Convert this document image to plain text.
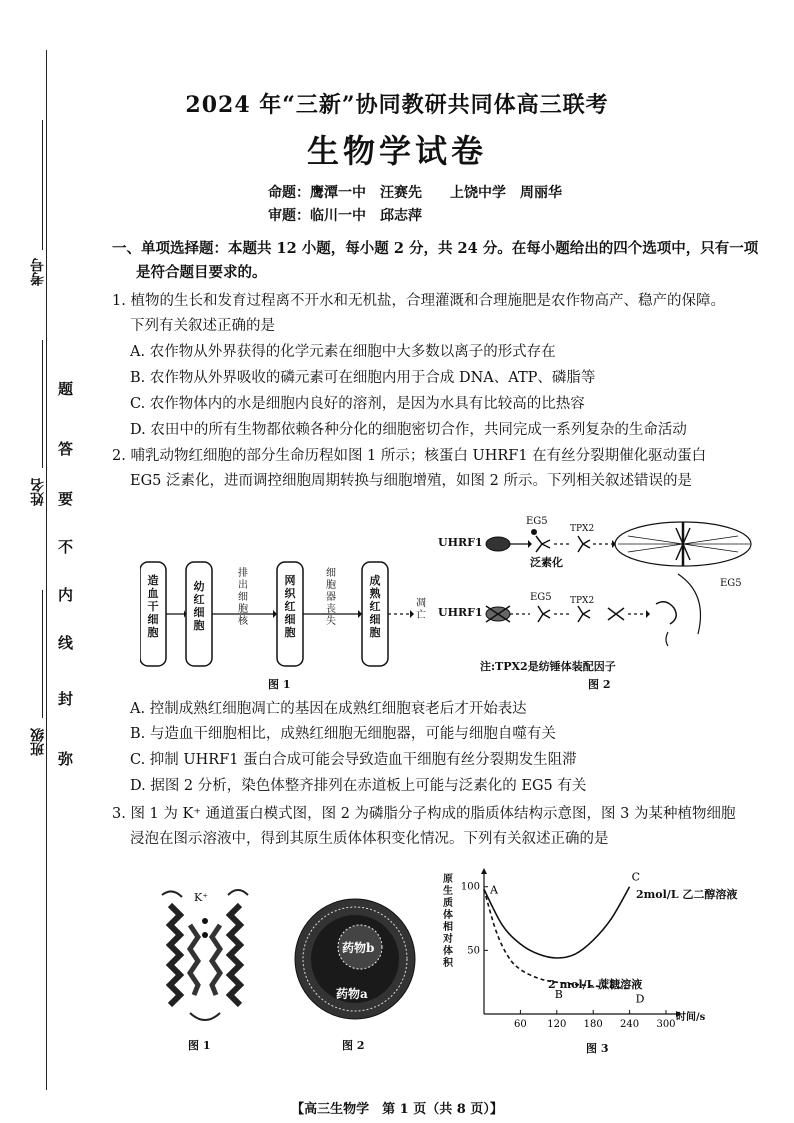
考号
姓名
班级
题
答
要
不
内
线
封
弥
2024 年“三新”协同教研共同体高三联考
生物学试卷
命题：鹰潭一中　汪赛先　　上饶中学　周丽华
审题：临川一中　邱志萍
一、单项选择题：本题共 12 小题，每小题 2 分，共 24 分。在每小题给出的四个选项中，只有一项
是符合题目要求的。
1. 植物的生长和发育过程离不开水和无机盐，合理灌溉和合理施肥是农作物高产、稳产的保障。
下列有关叙述正确的是
A. 农作物从外界获得的化学元素在细胞中大多数以离子的形式存在
B. 农作物从外界吸收的磷元素可在细胞内用于合成 DNA、ATP、磷脂等
C. 农作物体内的水是细胞内良好的溶剂，是因为水具有比较高的比热容
D. 农田中的所有生物都依赖各种分化的细胞密切合作，共同完成一系列复杂的生命活动
2. 哺乳动物红细胞的部分生命历程如图 1 所示；核蛋白 UHRF1 在有丝分裂期催化驱动蛋白
EG5 泛素化，进而调控细胞周期转换与细胞增殖，如图 2 所示。下列相关叙述错误的是
造血干细胞
幼红细胞
网织红细胞
成熟红细胞
排出细胞核
细胞器丧失
凋亡
图 1
UHRF1
EG5
TPX2
泛素化
EG5
UHRF1
EG5 TPX2
注:TPX2是纺锤体装配因子
图 2
A. 控制成熟红细胞凋亡的基因在成熟红细胞衰老后才开始表达
B. 与造血干细胞相比，成熟红细胞无细胞器，可能与细胞自噬有关
C. 抑制 UHRF1 蛋白合成可能会导致造血干细胞有丝分裂期发生阻滞
D. 据图 2 分析，染色体整齐排列在赤道板上可能与泛素化的 EG5 有关
3. 图 1 为 K⁺ 通道蛋白模式图，图 2 为磷脂分子构成的脂质体结构示意图，图 3 为某种植物细胞
浸泡在图示溶液中，得到其原生质体体积变化情况。下列有关叙述正确的是
K⁺
图 1
药物b
药物a
图 2
60 120 180 240 300
50
100 A
B
C
D
原生质体相对体积
时间/s
2mol/L 乙二醇溶液
2 mol/L 蔗糖溶液
图 3
【高三生物学　第 1 页（共 8 页）】
